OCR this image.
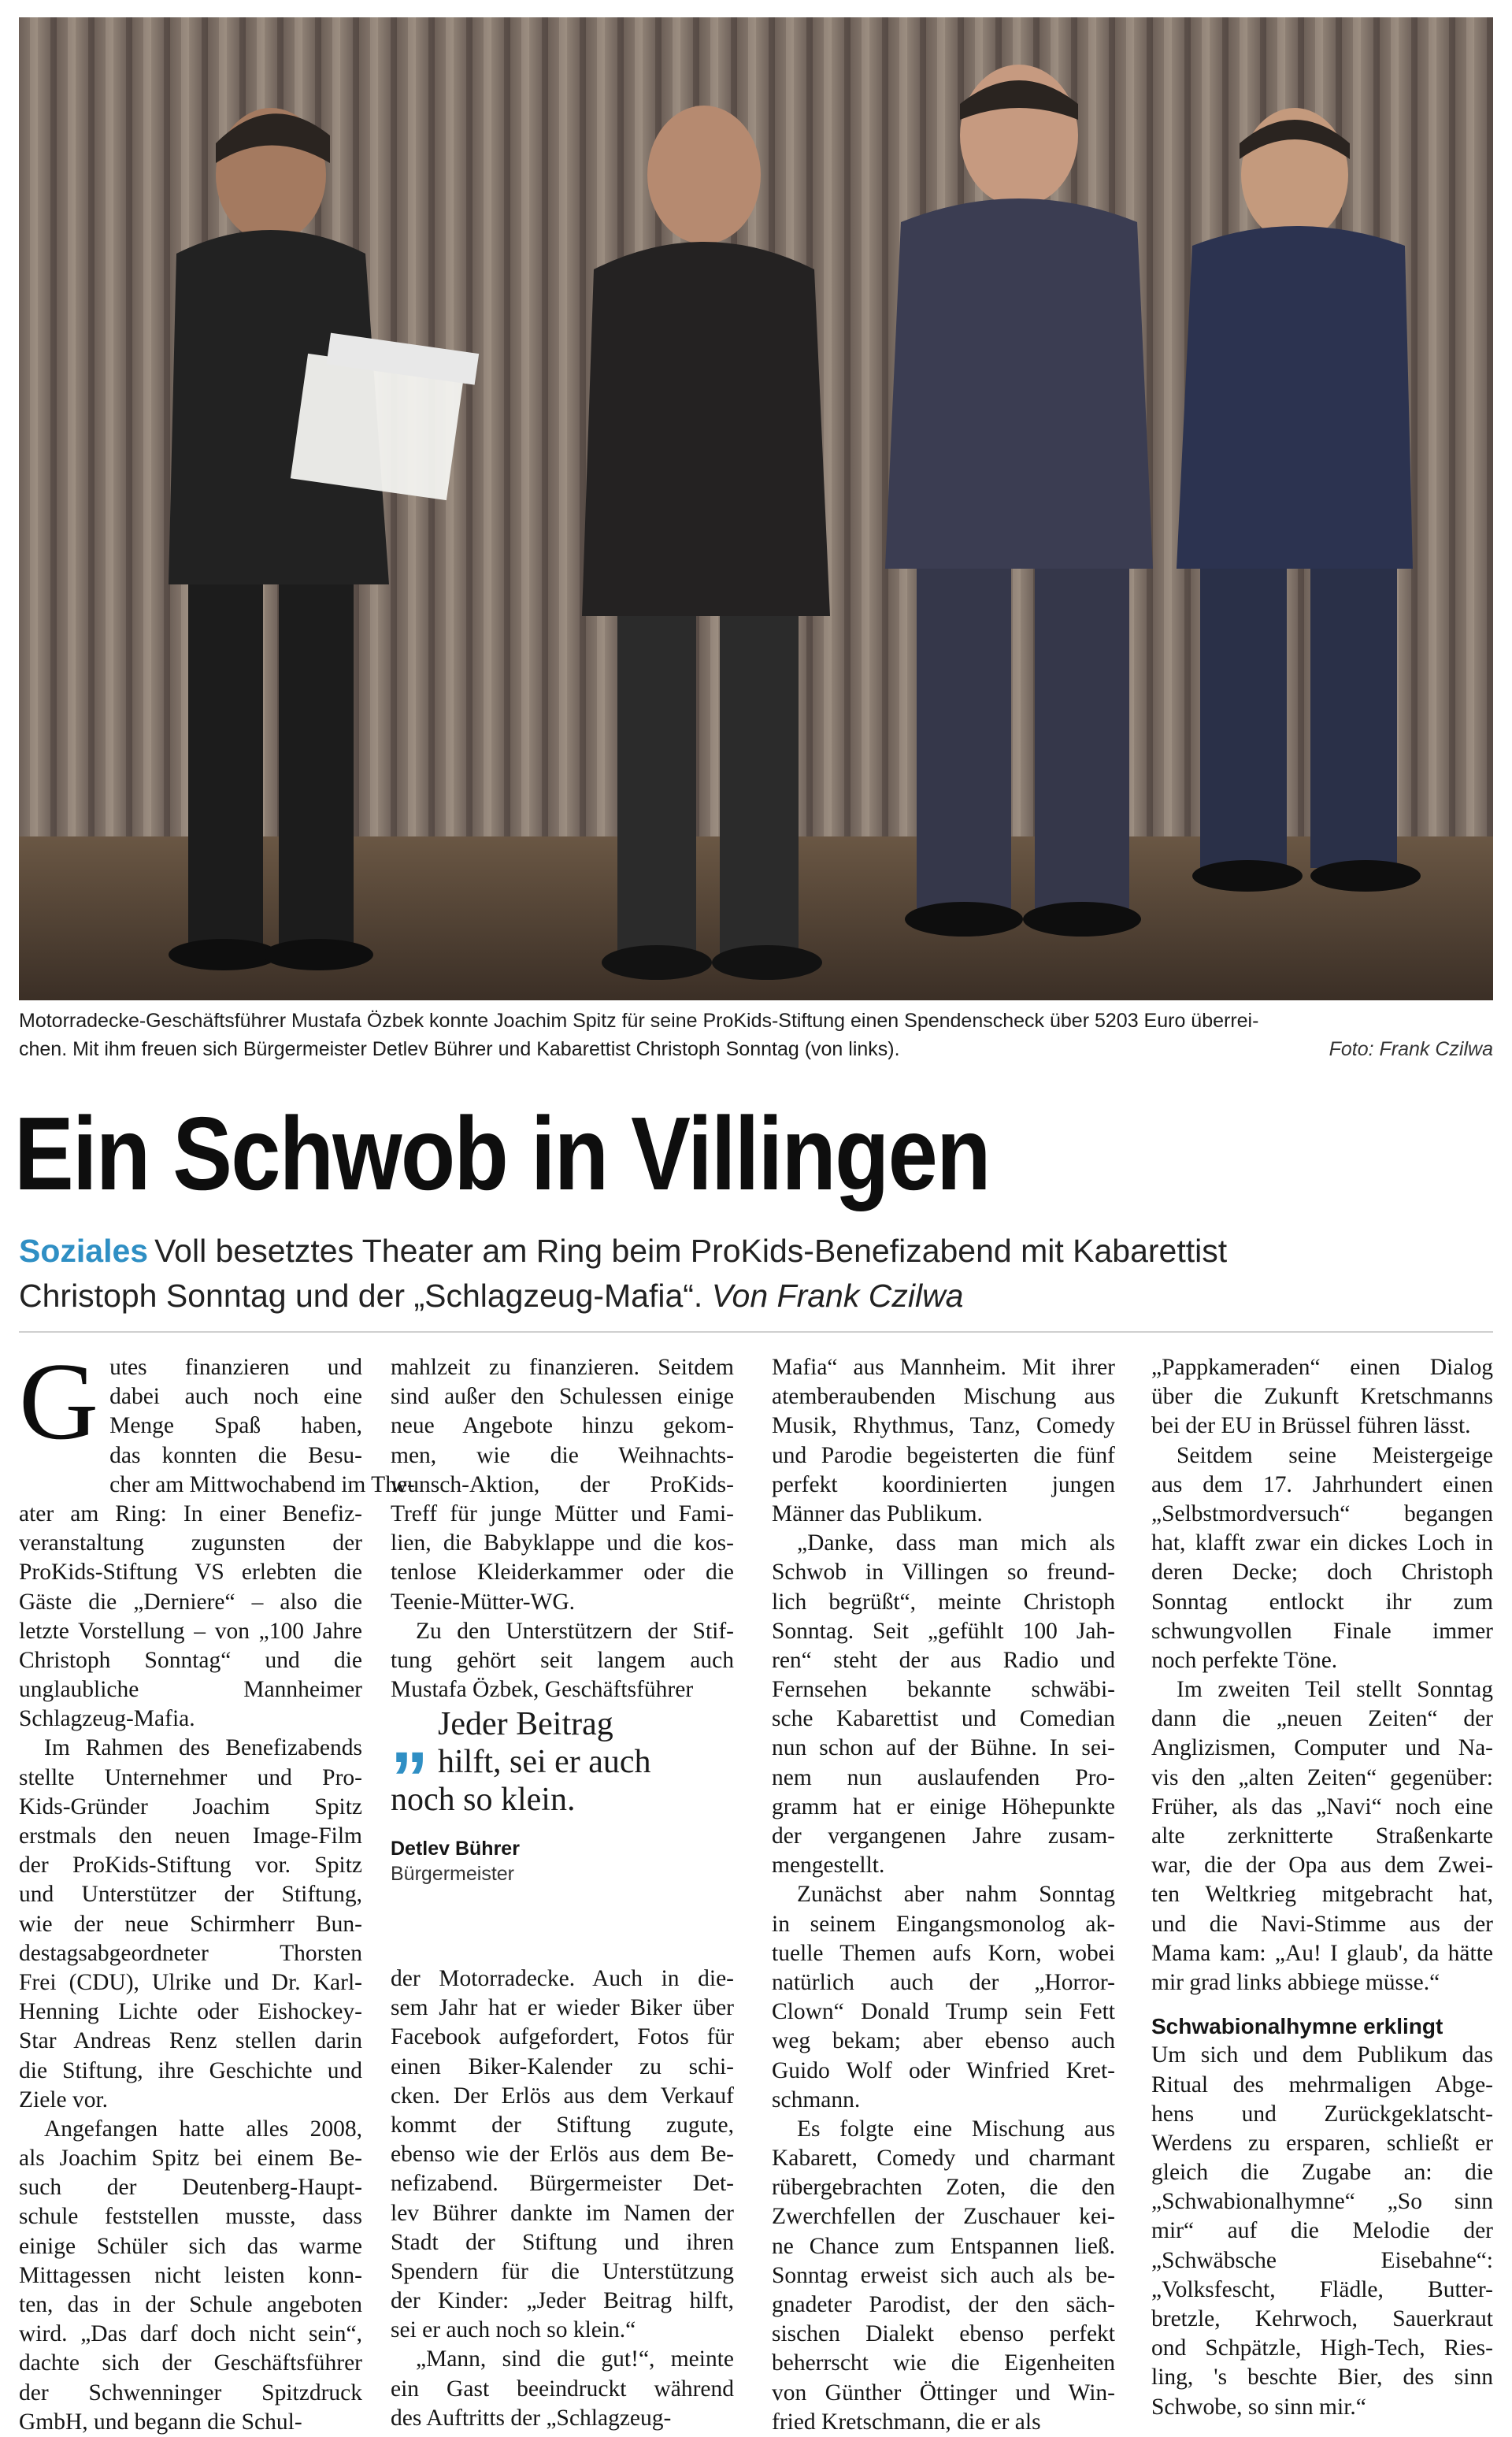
Motorradecke-Geschäftsführer Mustafa Özbek konnte Joachim Spitz für seine ProKids-Stiftung einen Spendenscheck über 5203 Euro überrei-
chen. Mit ihm freuen sich Bürgermeister Detlev Bührer und Kabarettist Christoph Sonntag (von links).	Foto: Frank Czilwa
Ein Schwob in Villingen
Soziales Voll besetztes Theater am Ring beim ProKids-Benefizabend mit Kabarettist
Christoph Sonntag und der „Schlagzeug-Mafia“. Von Frank Czilwa
G utes finanzieren und
dabei auch noch eine
Menge Spaß haben,
das konnten die Besu-
cher am Mittwochabend im The-
ater am Ring: In einer Benefiz-
veranstaltung zugunsten der
ProKids-Stiftung VS erlebten die
Gäste die „Derniere“ – also die
letzte Vorstellung – von „100 Jahre
Christoph Sonntag“ und die
unglaubliche Mannheimer
Schlagzeug-Mafia.
Im Rahmen des Benefizabends
stellte Unternehmer und Pro-
Kids-Gründer Joachim Spitz
erstmals den neuen Image-Film
der ProKids-Stiftung vor. Spitz
und Unterstützer der Stiftung,
wie der neue Schirmherr Bun-
destagsabgeordneter Thorsten
Frei (CDU), Ulrike und Dr. Karl-
Henning Lichte oder Eishockey-
Star Andreas Renz stellen darin
die Stiftung, ihre Geschichte und
Ziele vor.
Angefangen hatte alles 2008,
als Joachim Spitz bei einem Be-
such der Deutenberg-Haupt-
schule feststellen musste, dass
einige Schüler sich das warme
Mittagessen nicht leisten konn-
ten, das in der Schule angeboten
wird. „Das darf doch nicht sein“,
dachte sich der Geschäftsführer
der Schwenninger Spitzdruck
GmbH, und begann die Schul-
mahlzeit zu finanzieren. Seitdem
sind außer den Schulessen einige
neue Angebote hinzu gekom-
men, wie die Weihnachts-
wunsch-Aktion, der ProKids-
Treff für junge Mütter und Fami-
lien, die Babyklappe und die kos-
tenlose Kleiderkammer oder die
Teenie-Mütter-WG.
Zu den Unterstützern der Stif-
tung gehört seit langem auch
Mustafa Özbek, Geschäftsführer
„ Jeder Beitrag
hilft, sei er auch
noch so klein.
Detlev Bührer
Bürgermeister
der Motorradecke. Auch in die-
sem Jahr hat er wieder Biker über
Facebook aufgefordert, Fotos für
einen Biker-Kalender zu schi-
cken. Der Erlös aus dem Verkauf
kommt der Stiftung zugute,
ebenso wie der Erlös aus dem Be-
nefizabend. Bürgermeister Det-
lev Bührer dankte im Namen der
Stadt der Stiftung und ihren
Spendern für die Unterstützung
der Kinder: „Jeder Beitrag hilft,
sei er auch noch so klein.“
„Mann, sind die gut!“, meinte
ein Gast beeindruckt während
des Auftritts der „Schlagzeug-
Mafia“ aus Mannheim. Mit ihrer
atemberaubenden Mischung aus
Musik, Rhythmus, Tanz, Comedy
und Parodie begeisterten die fünf
perfekt koordinierten jungen
Männer das Publikum.
„Danke, dass man mich als
Schwob in Villingen so freund-
lich begrüßt“, meinte Christoph
Sonntag. Seit „gefühlt 100 Jah-
ren“ steht der aus Radio und
Fernsehen bekannte schwäbi-
sche Kabarettist und Comedian
nun schon auf der Bühne. In sei-
nem nun auslaufenden Pro-
gramm hat er einige Höhepunkte
der vergangenen Jahre zusam-
mengestellt.
Zunächst aber nahm Sonntag
in seinem Eingangsmonolog ak-
tuelle Themen aufs Korn, wobei
natürlich auch der „Horror-
Clown“ Donald Trump sein Fett
weg bekam; aber ebenso auch
Guido Wolf oder Winfried Kret-
schmann.
Es folgte eine Mischung aus
Kabarett, Comedy und charmant
rübergebrachten Zoten, die den
Zwerchfellen der Zuschauer kei-
ne Chance zum Entspannen ließ.
Sonntag erweist sich auch als be-
gnadeter Parodist, der den säch-
sischen Dialekt ebenso perfekt
beherrscht wie die Eigenheiten
von Günther Öttinger und Win-
fried Kretschmann, die er als
„Pappkameraden“ einen Dialog
über die Zukunft Kretschmanns
bei der EU in Brüssel führen lässt.
Seitdem seine Meistergeige
aus dem 17. Jahrhundert einen
„Selbstmordversuch“ begangen
hat, klafft zwar ein dickes Loch in
deren Decke; doch Christoph
Sonntag entlockt ihr zum
schwungvollen Finale immer
noch perfekte Töne.
Im zweiten Teil stellt Sonntag
dann die „neuen Zeiten“ der
Anglizismen, Computer und Na-
vis den „alten Zeiten“ gegenüber:
Früher, als das „Navi“ noch eine
alte zerknitterte Straßenkarte
war, die der Opa aus dem Zwei-
ten Weltkrieg mitgebracht hat,
und die Navi-Stimme aus der
Mama kam: „Au! I glaub', da hätte
mir grad links abbiege müsse.“
Schwabionalhymne erklingt
Um sich und dem Publikum das
Ritual des mehrmaligen Abge-
hens und Zurückgeklatscht-
Werdens zu ersparen, schließt er
gleich die Zugabe an: die
„Schwabionalhymne“ „So sinn
mir“ auf die Melodie der
„Schwäbsche Eisebahne“:
„Volksfescht, Flädle, Butter-
bretzle, Kehrwoch, Sauerkraut
ond Schpätzle, High-Tech, Ries-
ling, 's beschte Bier, des sinn
Schwobe, so sinn mir.“
